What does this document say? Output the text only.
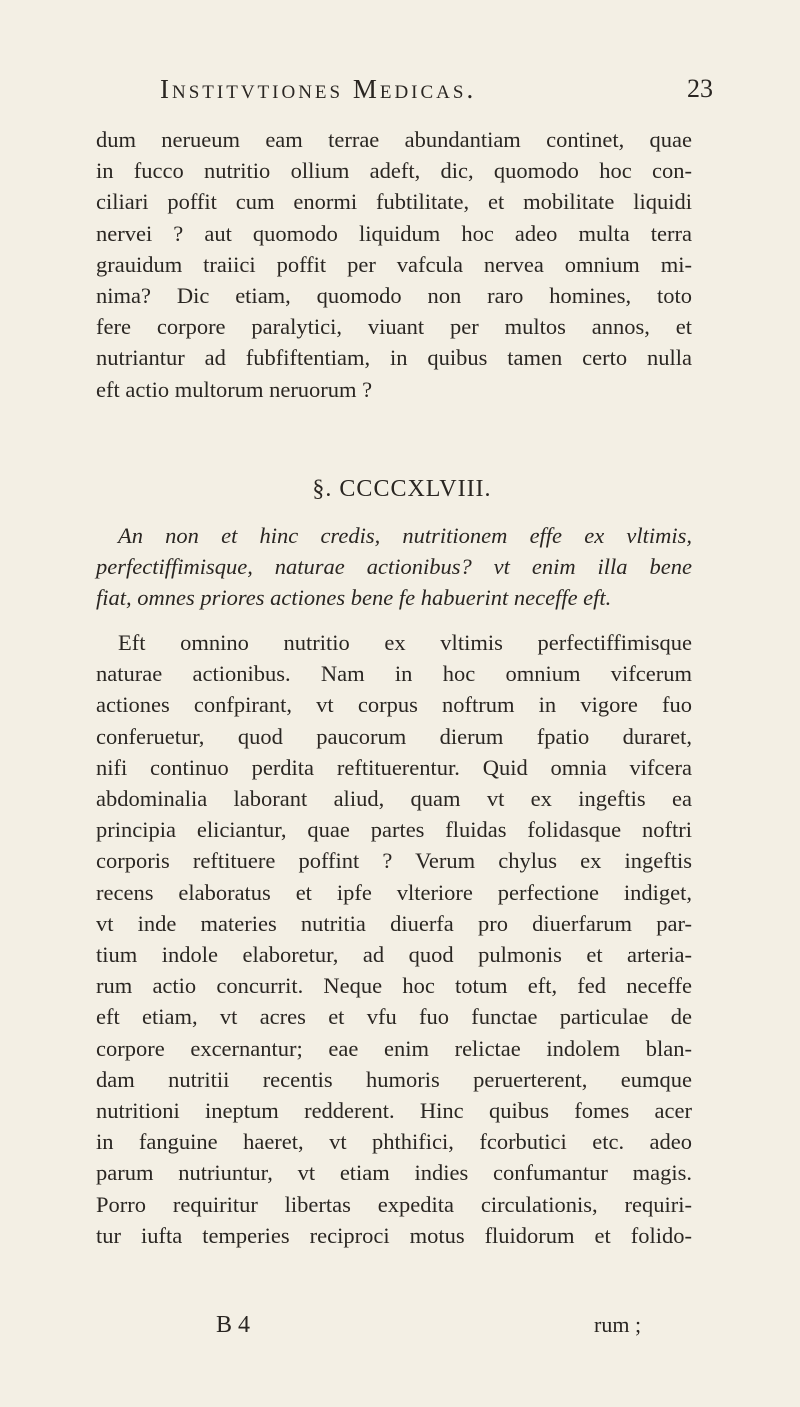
Institvtiones Medicas.	23
dum nerueum eam terrae abundantiam continet, quae
in fucco nutritio ollium adeft, dic, quomodo hoc con-
ciliari poffit cum enormi fubtilitate, et mobilitate liquidi
nervei ? aut quomodo liquidum hoc adeo multa terra
grauidum traiici poffit per vafcula nervea omnium mi-
nima? Dic etiam, quomodo non raro homines, toto
fere corpore paralytici, viuant per multos annos, et
nutriantur ad fubfiftentiam, in quibus tamen certo nulla
eft actio multorum neruorum ?
§. CCCCXLVIII.
An non et hinc credis, nutritionem effe ex vltimis,
perfectiffimisque, naturae actionibus? vt enim illa bene
fiat, omnes priores actiones bene fe habuerint neceffe eft.
Eft omnino nutritio ex vltimis perfectiffimisque
naturae actionibus. Nam in hoc omnium vifcerum
actiones confpirant, vt corpus noftrum in vigore fuo
conferuetur, quod paucorum dierum fpatio duraret,
nifi continuo perdita reftituerentur. Quid omnia vifcera
abdominalia laborant aliud, quam vt ex ingeftis ea
principia eliciantur, quae partes fluidas folidasque noftri
corporis reftituere poffint ? Verum chylus ex ingeftis
recens elaboratus et ipfe vlteriore perfectione indiget,
vt inde materies nutritia diuerfa pro diuerfarum par-
tium indole elaboretur, ad quod pulmonis et arteria-
rum actio concurrit. Neque hoc totum eft, fed neceffe
eft etiam, vt acres et vfu fuo functae particulae de
corpore excernantur; eae enim relictae indolem blan-
dam nutritii recentis humoris peruerterent, eumque
nutritioni ineptum redderent. Hinc quibus fomes acer
in fanguine haeret, vt phthifici, fcorbutici etc. adeo
parum nutriuntur, vt etiam indies confumantur magis.
Porro requiritur libertas expedita circulationis, requiri-
tur iufta temperies reciproci motus fluidorum et folido-
B 4	rum ;
